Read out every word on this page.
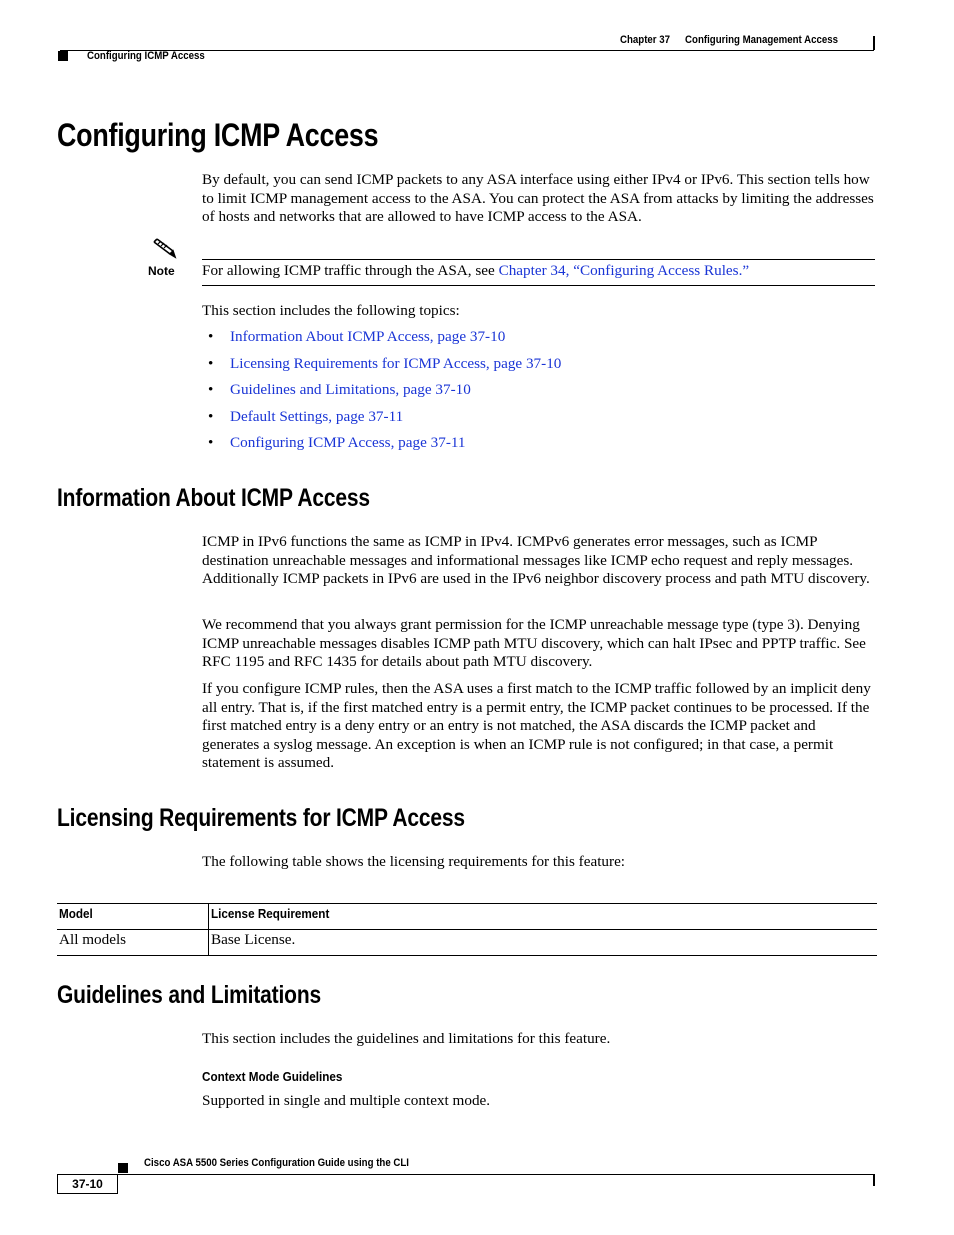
Chapter 37 Configuring Management Access
Configuring ICMP Access
Configuring ICMP Access
By default, you can send ICMP packets to any ASA interface using either IPv4 or IPv6. This section tells how to limit ICMP management access to the ASA. You can protect the ASA from attacks by limiting the addresses of hosts and networks that are allowed to have ICMP access to the ASA.
Note For allowing ICMP traffic through the ASA, see Chapter 34, “Configuring Access Rules.”
This section includes the following topics:
• Information About ICMP Access, page 37-10
• Licensing Requirements for ICMP Access, page 37-10
• Guidelines and Limitations, page 37-10
• Default Settings, page 37-11
• Configuring ICMP Access, page 37-11
Information About ICMP Access
ICMP in IPv6 functions the same as ICMP in IPv4. ICMPv6 generates error messages, such as ICMP destination unreachable messages and informational messages like ICMP echo request and reply messages. Additionally ICMP packets in IPv6 are used in the IPv6 neighbor discovery process and path MTU discovery.
We recommend that you always grant permission for the ICMP unreachable message type (type 3). Denying ICMP unreachable messages disables ICMP path MTU discovery, which can halt IPsec and PPTP traffic. See RFC 1195 and RFC 1435 for details about path MTU discovery.
If you configure ICMP rules, then the ASA uses a first match to the ICMP traffic followed by an implicit deny all entry. That is, if the first matched entry is a permit entry, the ICMP packet continues to be processed. If the first matched entry is a deny entry or an entry is not matched, the ASA discards the ICMP packet and generates a syslog message. An exception is when an ICMP rule is not configured; in that case, a permit statement is assumed.
Licensing Requirements for ICMP Access
The following table shows the licensing requirements for this feature:
Model	License Requirement
All models	Base License.
Guidelines and Limitations
This section includes the guidelines and limitations for this feature.
Context Mode Guidelines
Supported in single and multiple context mode.
Cisco ASA 5500 Series Configuration Guide using the CLI
37-10
